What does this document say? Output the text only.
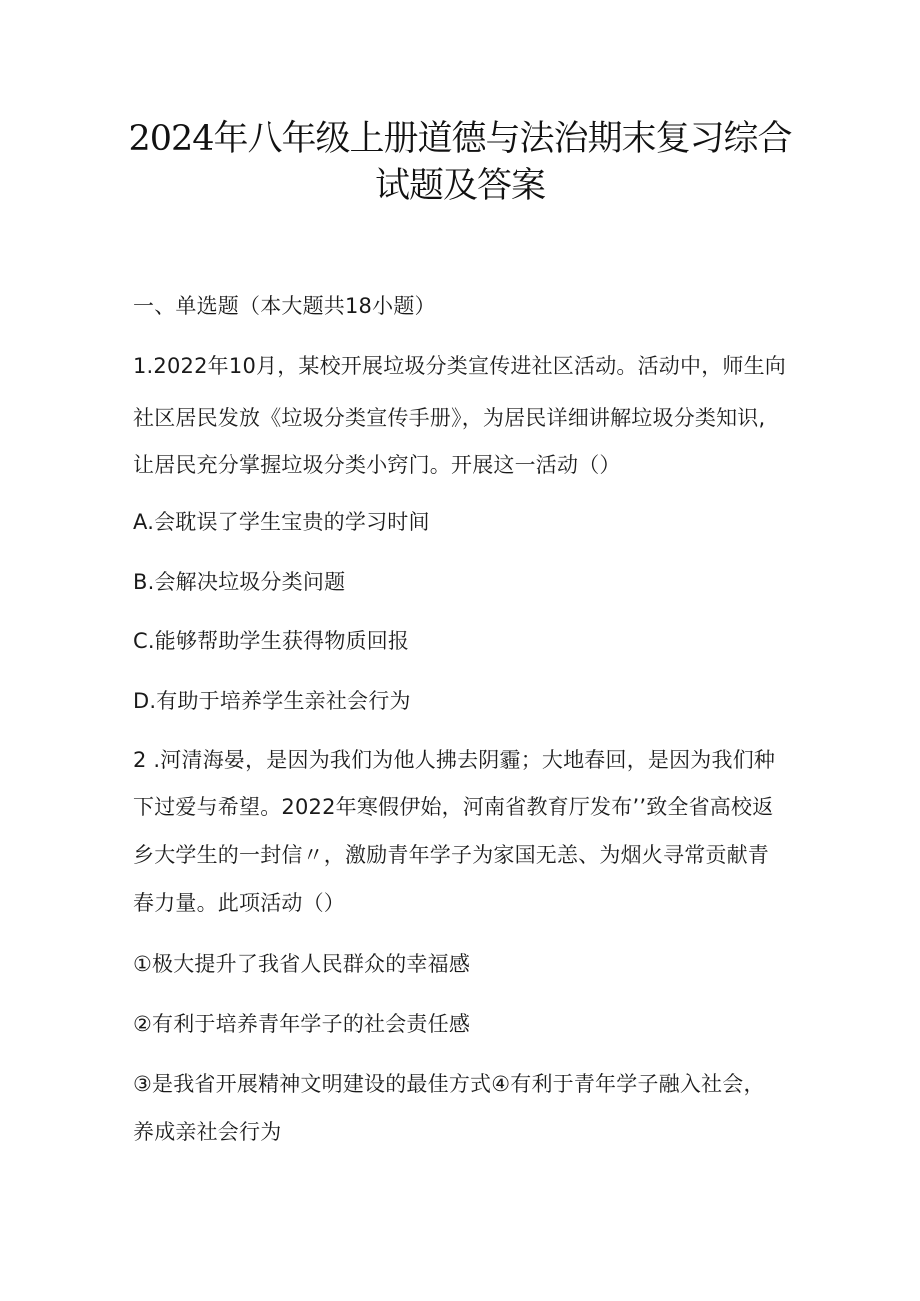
2024年八年级上册道德与法治期末复习综合
试题及答案
一、单选题（本大题共18小题）
1.2022年10月，某校开展垃圾分类宣传进社区活动。活动中，师生向
社区居民发放《垃圾分类宣传手册》，为居民详细讲解垃圾分类知识,
让居民充分掌握垃圾分类小窍门。开展这一活动（）
A.会耽误了学生宝贵的学习时间
B.会解决垃圾分类问题
C.能够帮助学生获得物质回报
D.有助于培养学生亲社会行为
2 .河清海晏，是因为我们为他人拂去阴霾；大地春回，是因为我们种
下过爱与希望。2022年寒假伊始，河南省教育厅发布’’致全省高校返
乡大学生的一封信〃，激励青年学子为家国无恙、为烟火寻常贡献青
春力量。此项活动（）
①极大提升了我省人民群众的幸福感
②有利于培养青年学子的社会责任感
③是我省开展精神文明建设的最佳方式④有利于青年学子融入社会，
养成亲社会行为
